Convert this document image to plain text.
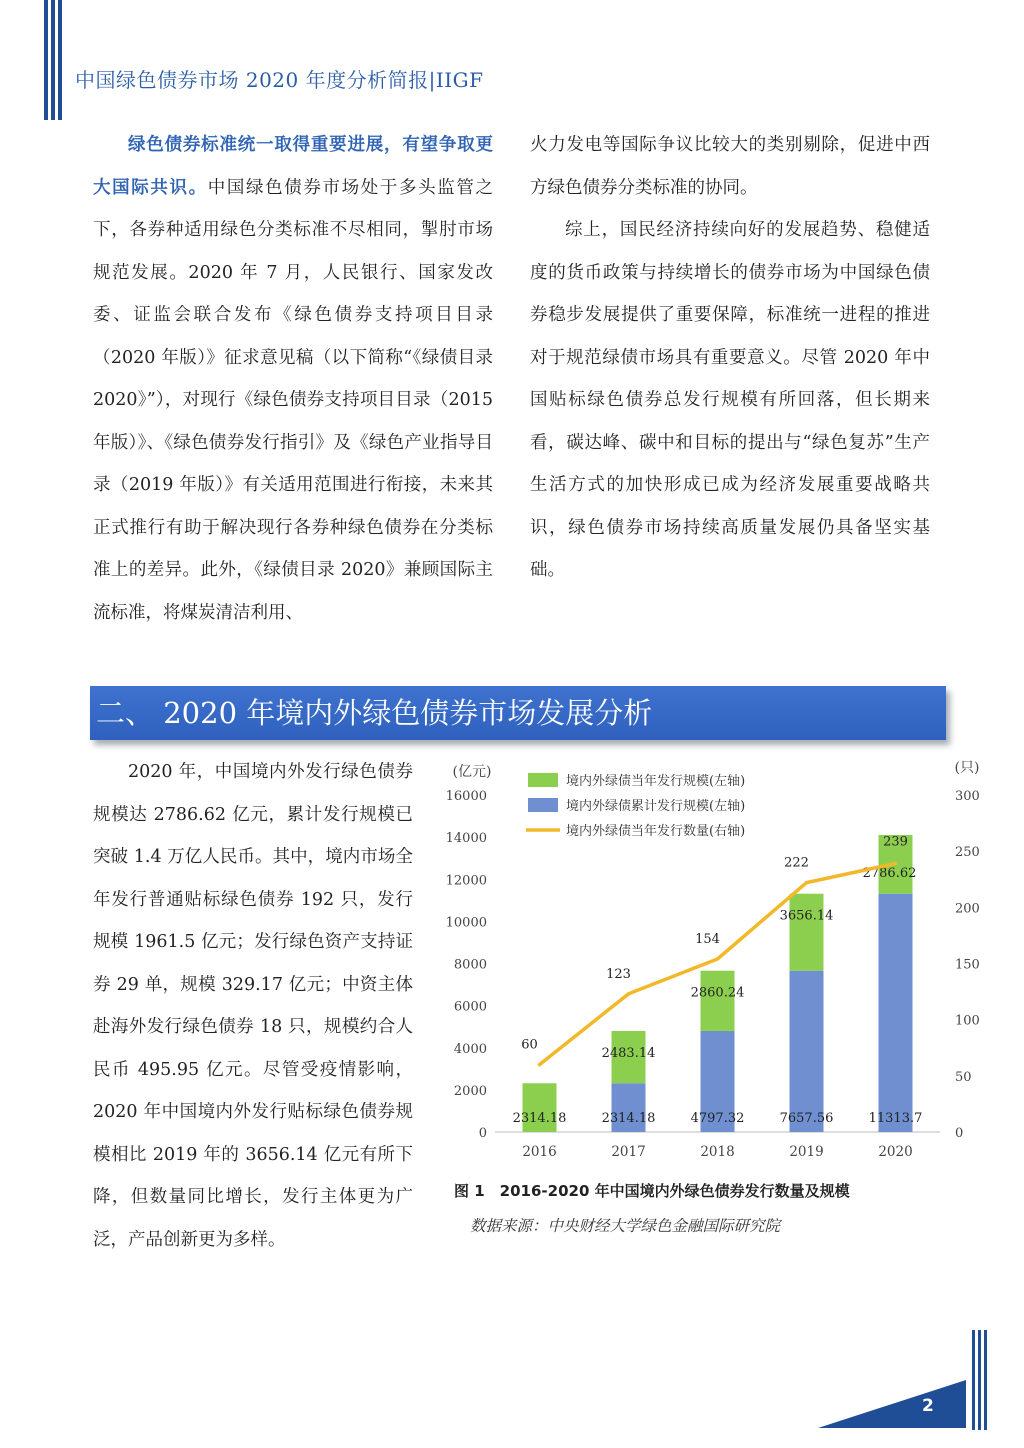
中国绿色债券市场 2020 年度分析简报|IIGF

绿色债券标准统一取得重要进展，有望争取更大国际共识。中国绿色债券市场处于多头监管之下，各券种适用绿色分类标准不尽相同，掣肘市场规范发展。2020 年 7 月，人民银行、国家发改委、证监会联合发布《绿色债券支持项目目录（2020 年版）》征求意见稿（以下简称“《绿债目录 2020》”），对现行《绿色债券支持项目目录（2015 年版）》、《绿色债券发行指引》及《绿色产业指导目录（2019 年版）》有关适用范围进行衔接，未来其正式推行有助于解决现行各券种绿色债券在分类标准上的差异。此外，《绿债目录 2020》兼顾国际主流标准，将煤炭清洁利用、

火力发电等国际争议比较大的类别剔除，促进中西方绿色债券分类标准的协同。

综上，国民经济持续向好的发展趋势、稳健适度的货币政策与持续增长的债券市场为中国绿色债券稳步发展提供了重要保障，标准统一进程的推进对于规范绿债市场具有重要意义。尽管 2020 年中国贴标绿色债券总发行规模有所回落，但长期来看，碳达峰、碳中和目标的提出与“绿色复苏”生产生活方式的加快形成已成为经济发展重要战略共识，绿色债券市场持续高质量发展仍具备坚实基础。

二、 2020 年境内外绿色债券市场发展分析

2020 年，中国境内外发行绿色债券规模达 2786.62 亿元，累计发行规模已突破 1.4 万亿人民币。其中，境内市场全年发行普通贴标绿色债券 192 只，发行规模 1961.5 亿元；发行绿色资产支持证券 29 单，规模 329.17 亿元；中资主体赴海外发行绿色债券 18 只，规模约合人民币 495.95 亿元。尽管受疫情影响，2020 年中国境内外发行贴标绿色债券规模相比 2019 年的 3656.14 亿元有所下降，但数量同比增长，发行主体更为广泛，产品创新更为多样。

(亿元)	(只)
0
2000
4000
6000
8000
10000
12000
14000
16000
0
50
100
150
200
250
300
2016	2017	2018	2019	2020
2314.18	2314.18
2483.14
4797.32
2860.24
7657.56
3656.14
11313.7
2786.62
60
123
154
222
239
境内外绿债当年发行规模(左轴)
境内外绿债累计发行规模(左轴)
境内外绿债当年发行数量(右轴)
图 1　2016-2020 年中国境内外绿色债券发行数量及规模
数据来源：中央财经大学绿色金融国际研究院
2
